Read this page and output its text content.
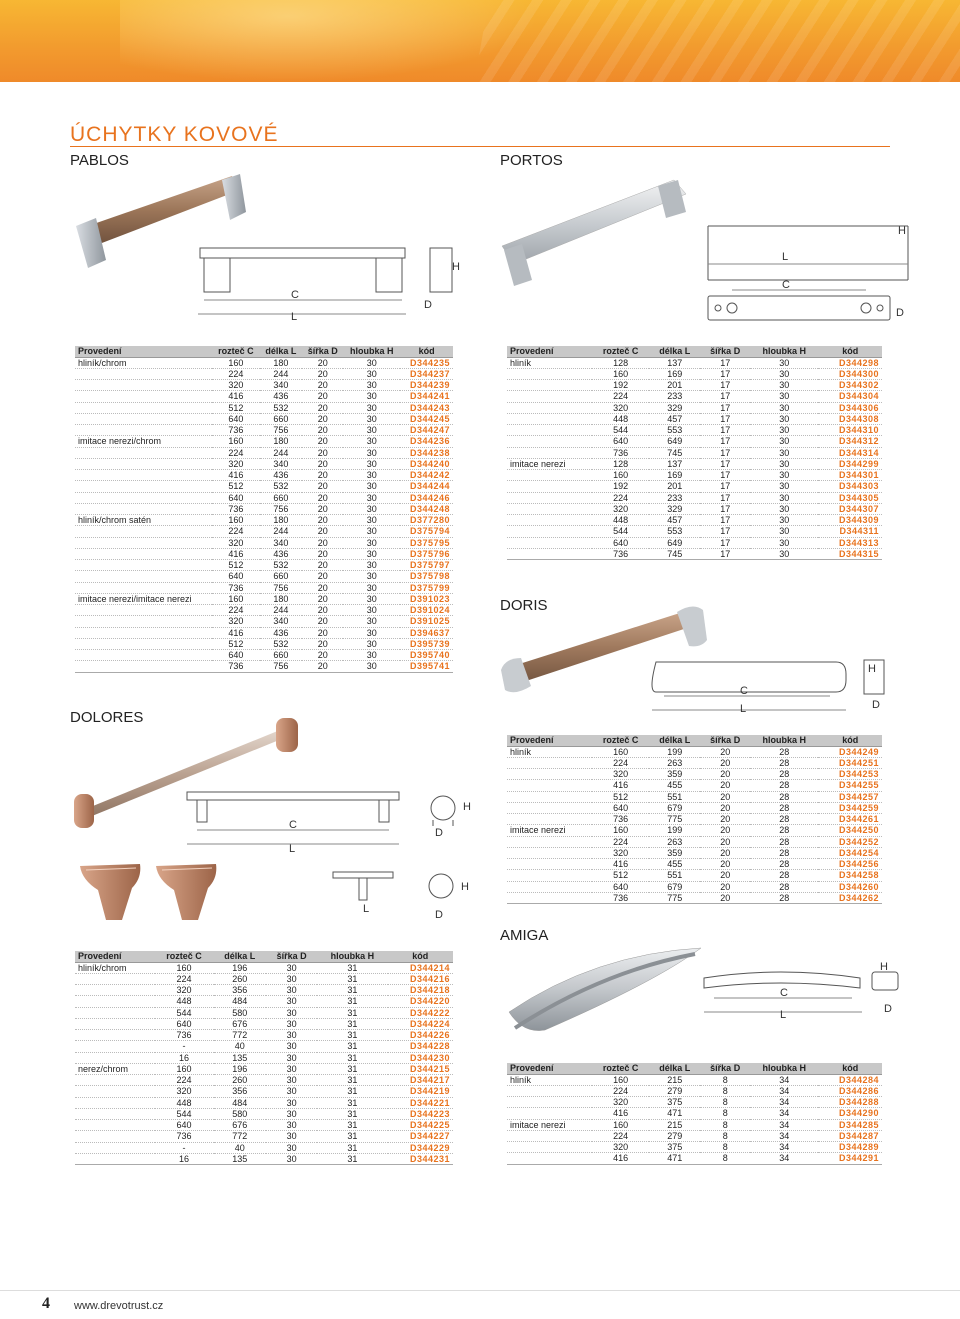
ÚCHYTKY KOVOVÉ
PABLOS
C
L
H
D
Provedení	rozteč C	délka L	šířka D	hloubka H	kód
hliník/chrom	160	180	20	30	D344235
	224	244	20	30	D344237
	320	340	20	30	D344239
	416	436	20	30	D344241
	512	532	20	30	D344243
	640	660	20	30	D344245
	736	756	20	30	D344247
imitace nerezi/chrom	160	180	20	30	D344236
	224	244	20	30	D344238
	320	340	20	30	D344240
	416	436	20	30	D344242
	512	532	20	30	D344244
	640	660	20	30	D344246
	736	756	20	30	D344248
hliník/chrom satén	160	180	20	30	D377280
	224	244	20	30	D375794
	320	340	20	30	D375795
	416	436	20	30	D375796
	512	532	20	30	D375797
	640	660	20	30	D375798
	736	756	20	30	D375799
imitace nerezi/imitace nerezi	160	180	20	30	D391023
	224	244	20	30	D391024
	320	340	20	30	D391025
	416	436	20	30	D394637
	512	532	20	30	D395739
	640	660	20	30	D395740
	736	756	20	30	D395741
PORTOS
H
L
C
D
Provedení	rozteč C	délka L	šířka D	hloubka H	kód
hliník	128	137	17	30	D344298
	160	169	17	30	D344300
	192	201	17	30	D344302
	224	233	17	30	D344304
	320	329	17	30	D344306
	448	457	17	30	D344308
	544	553	17	30	D344310
	640	649	17	30	D344312
	736	745	17	30	D344314
imitace nerezi	128	137	17	30	D344299
	160	169	17	30	D344301
	192	201	17	30	D344303
	224	233	17	30	D344305
	320	329	17	30	D344307
	448	457	17	30	D344309
	544	553	17	30	D344311
	640	649	17	30	D344313
	736	745	17	30	D344315
DORIS
C
L
H
D
Provedení	rozteč C	délka L	šířka D	hloubka H	kód
hliník	160	199	20	28	D344249
	224	263	20	28	D344251
	320	359	20	28	D344253
	416	455	20	28	D344255
	512	551	20	28	D344257
	640	679	20	28	D344259
	736	775	20	28	D344261
imitace nerezi	160	199	20	28	D344250
	224	263	20	28	D344252
	320	359	20	28	D344254
	416	455	20	28	D344256
	512	551	20	28	D344258
	640	679	20	28	D344260
	736	775	20	28	D344262
DOLORES
C
L
H
D
L
H
D
Provedení	rozteč C	délka L	šířka D	hloubka H	kód
hliník/chrom	160	196	30	31	D344214
	224	260	30	31	D344216
	320	356	30	31	D344218
	448	484	30	31	D344220
	544	580	30	31	D344222
	640	676	30	31	D344224
	736	772	30	31	D344226
	-	40	30	31	D344228
	16	135	30	31	D344230
nerez/chrom	160	196	30	31	D344215
	224	260	30	31	D344217
	320	356	30	31	D344219
	448	484	30	31	D344221
	544	580	30	31	D344223
	640	676	30	31	D344225
	736	772	30	31	D344227
	-	40	30	31	D344229
	16	135	30	31	D344231
AMIGA
C
L
H
D
Provedení	rozteč C	délka L	šířka D	hloubka H	kód
hliník	160	215	8	34	D344284
	224	279	8	34	D344286
	320	375	8	34	D344288
	416	471	8	34	D344290
imitace nerezi	160	215	8	34	D344285
	224	279	8	34	D344287
	320	375	8	34	D344289
	416	471	8	34	D344291
4 www.drevotrust.cz
